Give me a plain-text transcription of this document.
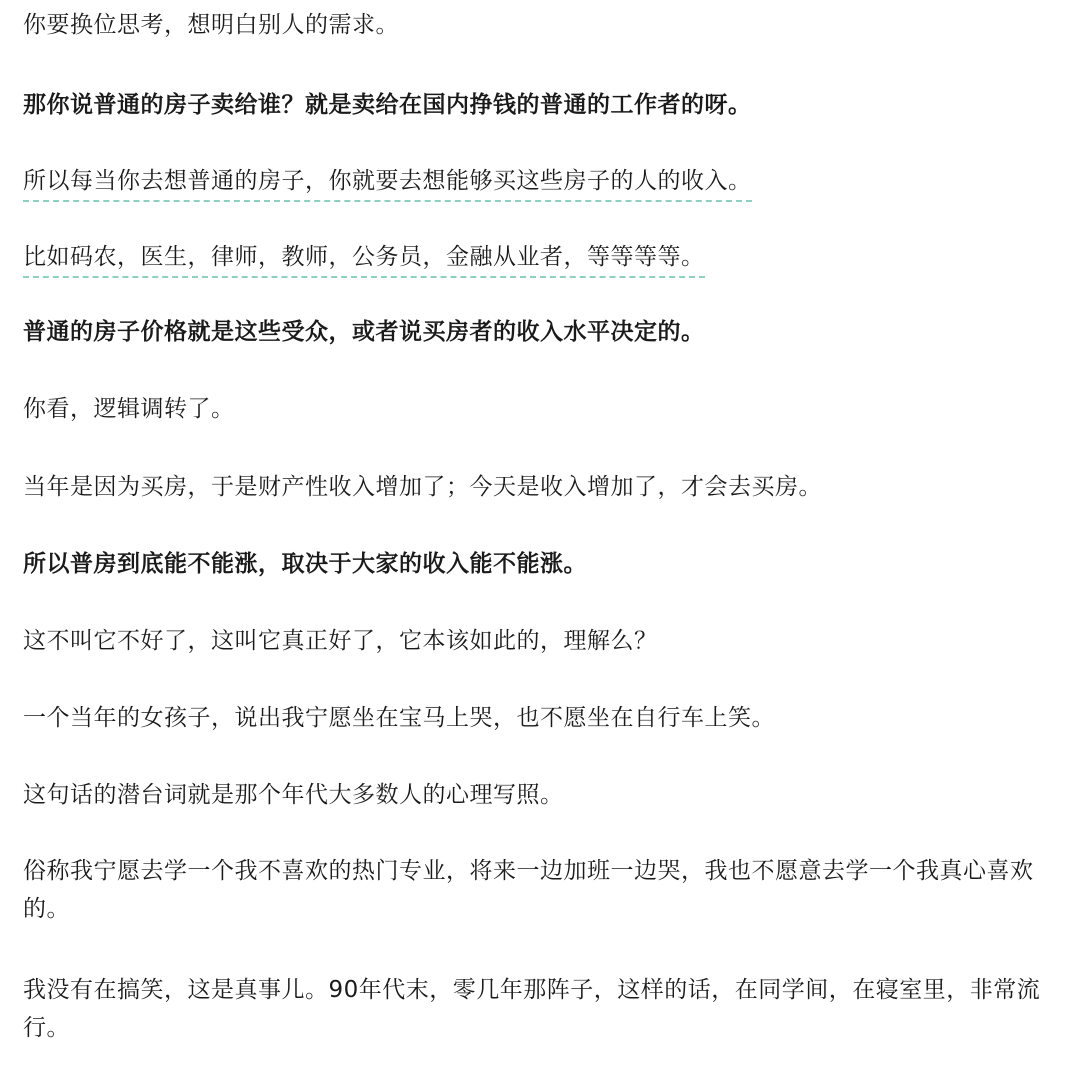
你要换位思考，想明白别人的需求。

那你说普通的房子卖给谁？就是卖给在国内挣钱的普通的工作者的呀。

所以每当你去想普通的房子，你就要去想能够买这些房子的人的收入。

比如码农，医生，律师，教师，公务员，金融从业者，等等等等。

普通的房子价格就是这些受众，或者说买房者的收入水平决定的。

你看，逻辑调转了。

当年是因为买房，于是财产性收入增加了；今天是收入增加了，才会去买房。

所以普房到底能不能涨，取决于大家的收入能不能涨。

这不叫它不好了，这叫它真正好了，它本该如此的，理解么？

一个当年的女孩子，说出我宁愿坐在宝马上哭，也不愿坐在自行车上笑。

这句话的潜台词就是那个年代大多数人的心理写照。

俗称我宁愿去学一个我不喜欢的热门专业，将来一边加班一边哭，我也不愿意去学一个我真心喜欢的。

我没有在搞笑，这是真事儿。90年代末，零几年那阵子，这样的话，在同学间，在寝室里，非常流行。
